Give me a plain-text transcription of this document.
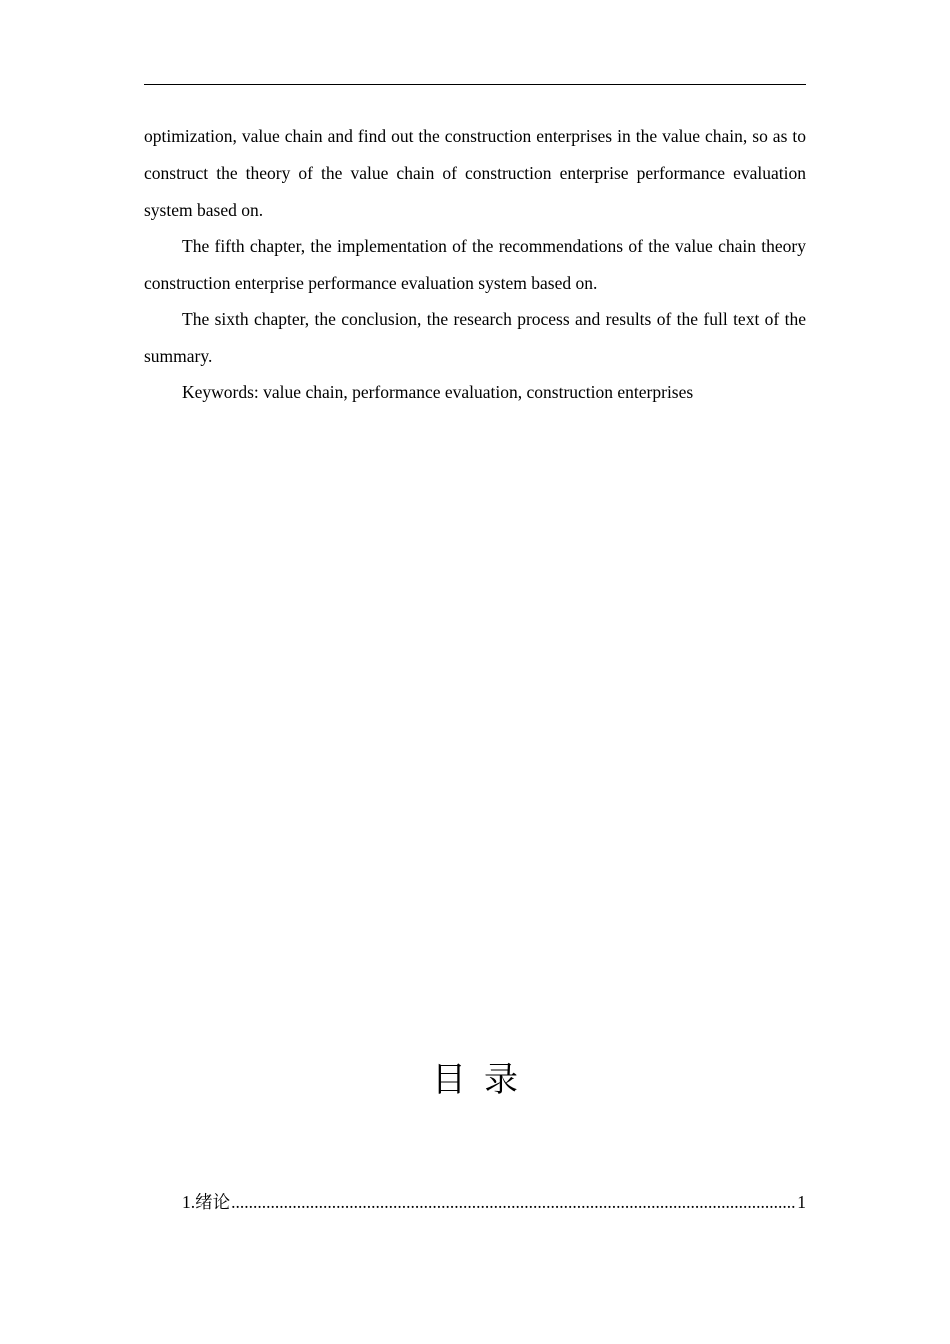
optimization, value chain and find out the construction enterprises in the value chain, so as to construct the theory of the value chain of construction enterprise performance evaluation system based on.

The fifth chapter, the implementation of the recommendations of the value chain theory construction enterprise performance evaluation system based on.

The sixth chapter, the conclusion, the research process and results of the full text of the summary.

Keywords: value chain, performance evaluation, construction enterprises

目录
1.绪论
.....	1
